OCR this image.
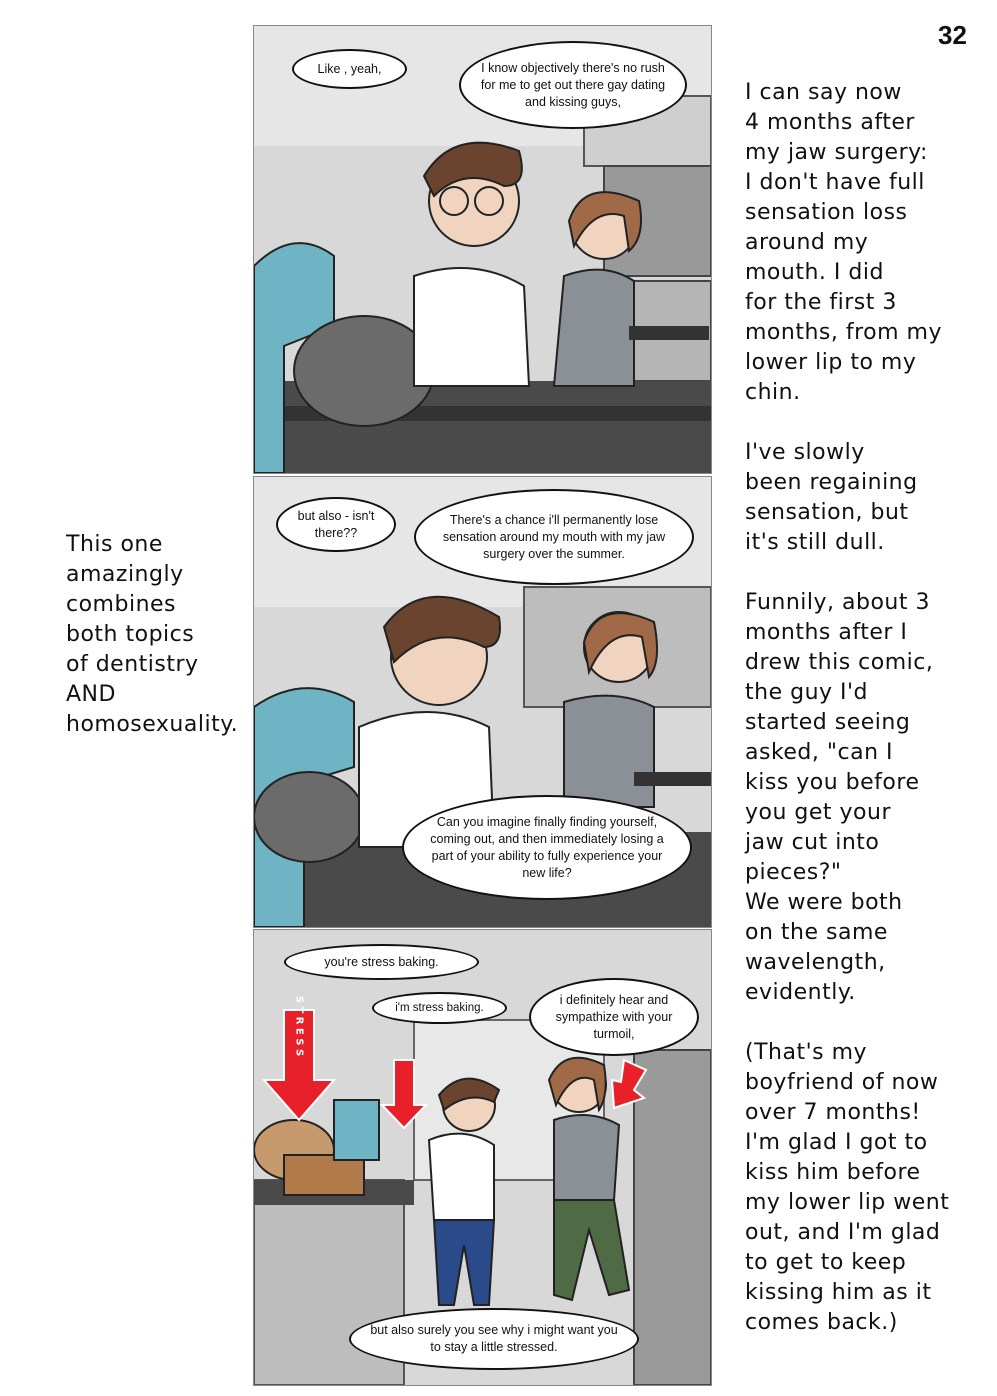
32
This one
amazingly
combines
both topics
of dentistry
AND
homosexuality.
I can say now
4 months after
my jaw surgery:
I don't have full
sensation loss
around my
mouth. I did
for the first 3
months, from my
lower lip to my
chin.

I've slowly
been regaining
sensation, but
it's still dull.

Funnily, about 3
months after I
drew this comic,
the guy I'd
started seeing
asked, "can I
kiss you before
you get your
jaw cut into
pieces?"
We were both
on the same
wavelength,
evidently.

(That's my
boyfriend of now
over 7 months!
I'm glad I got to
kiss him before
my lower lip went
out, and I'm glad
to get to keep
kissing him as it
comes back.)
Like , yeah,	I know objectively there's no rush for me to get out there gay dating and kissing guys,
but also - isn't there??
There's a chance i'll permanently lose sensation around my mouth with my jaw surgery over the summer.
Can you imagine finally finding yourself, coming out, and then immediately losing a part of your ability to fully experience your new life?
S T R E S S
you're stress baking.
i'm stress baking.
i definitely hear and sympathize with your turmoil,
but also surely you see why i might want you to stay a little stressed.
